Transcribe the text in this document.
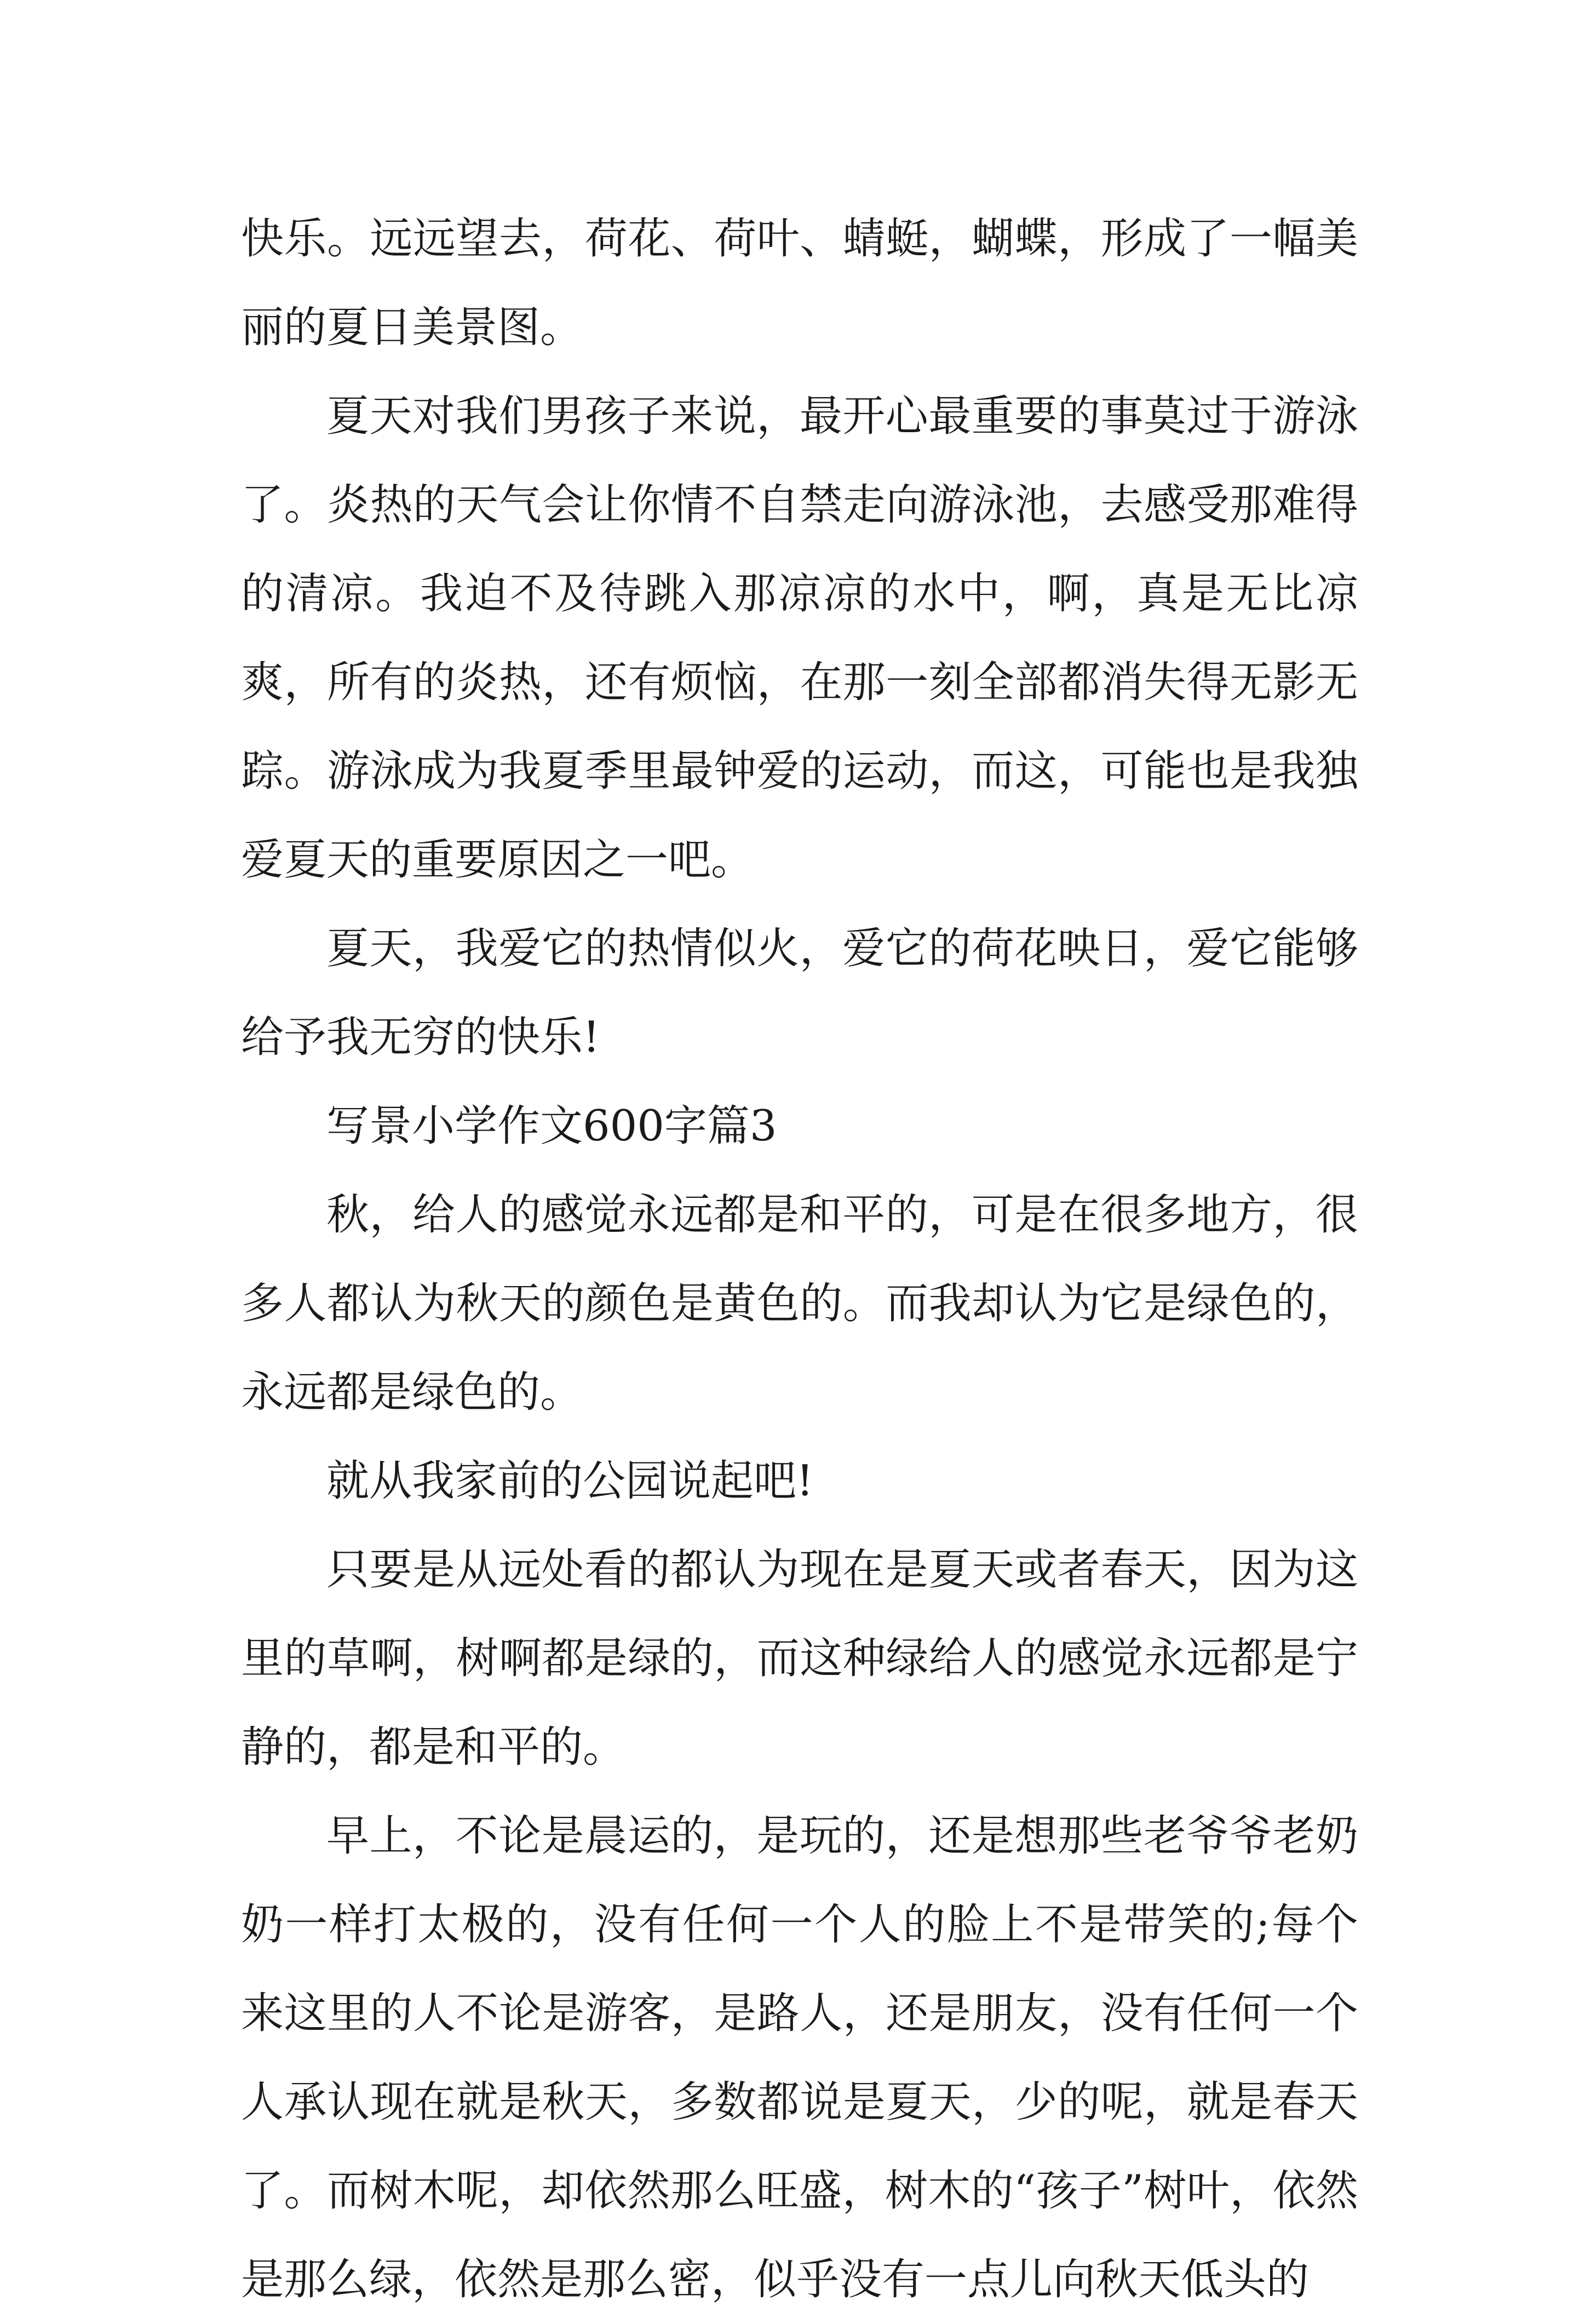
快乐。远远望去，荷花、荷叶、蜻蜓，蝴蝶，形成了一幅美丽的夏日美景图。

夏天对我们男孩子来说，最开心最重要的事莫过于游泳了。炎热的天气会让你情不自禁走向游泳池，去感受那难得的清凉。我迫不及待跳入那凉凉的水中，啊，真是无比凉爽，所有的炎热，还有烦恼，在那一刻全部都消失得无影无踪。游泳成为我夏季里最钟爱的运动，而这，可能也是我独爱夏天的重要原因之一吧。

夏天，我爱它的热情似火，爱它的荷花映日，爱它能够给予我无穷的快乐!

写景小学作文600字篇3

秋，给人的感觉永远都是和平的，可是在很多地方，很多人都认为秋天的颜色是黄色的。而我却认为它是绿色的，永远都是绿色的。

就从我家前的公园说起吧!

只要是从远处看的都认为现在是夏天或者春天，因为这里的草啊，树啊都是绿的，而这种绿给人的感觉永远都是宁静的，都是和平的。

早上，不论是晨运的，是玩的，还是想那些老爷爷老奶奶一样打太极的，没有任何一个人的脸上不是带笑的;每个来这里的人不论是游客，是路人，还是朋友，没有任何一个人承认现在就是秋天，多数都说是夏天，少的呢，就是春天了。而树木呢，却依然那么旺盛，树木的“孩子”树叶，依然是那么绿，依然是那么密，似乎没有一点儿向秋天低头的
